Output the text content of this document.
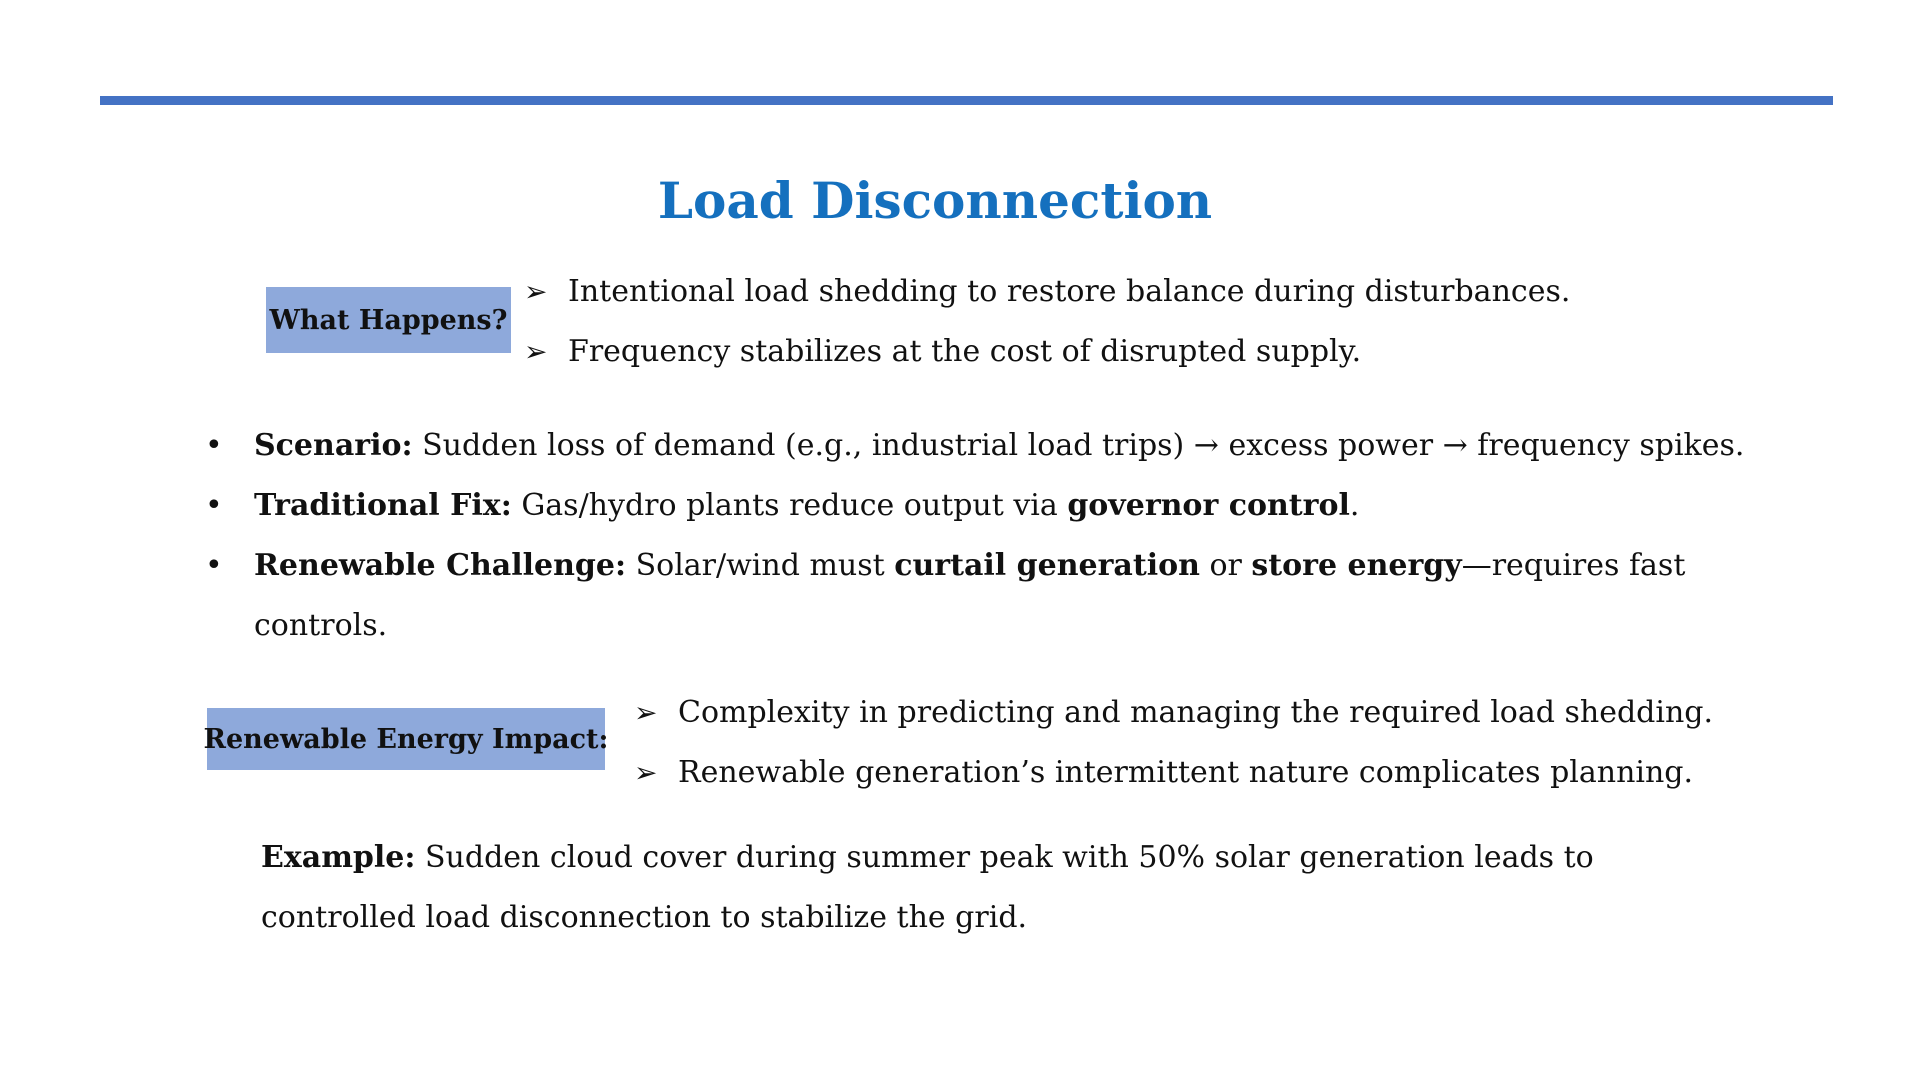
Load Disconnection
What Happens?
➢ Intentional load shedding to restore balance during disturbances.
➢ Frequency stabilizes at the cost of disrupted supply.
• Scenario: Sudden loss of demand (e.g., industrial load trips) → excess power → frequency spikes.
• Traditional Fix: Gas/hydro plants reduce output via governor control.
• Renewable Challenge: Solar/wind must curtail generation or store energy—requires fast controls.
Renewable Energy Impact:
➢ Complexity in predicting and managing the required load shedding.
➢ Renewable generation’s intermittent nature complicates planning.

Example: Sudden cloud cover during summer peak with 50% solar generation leads to controlled load disconnection to stabilize the grid.
